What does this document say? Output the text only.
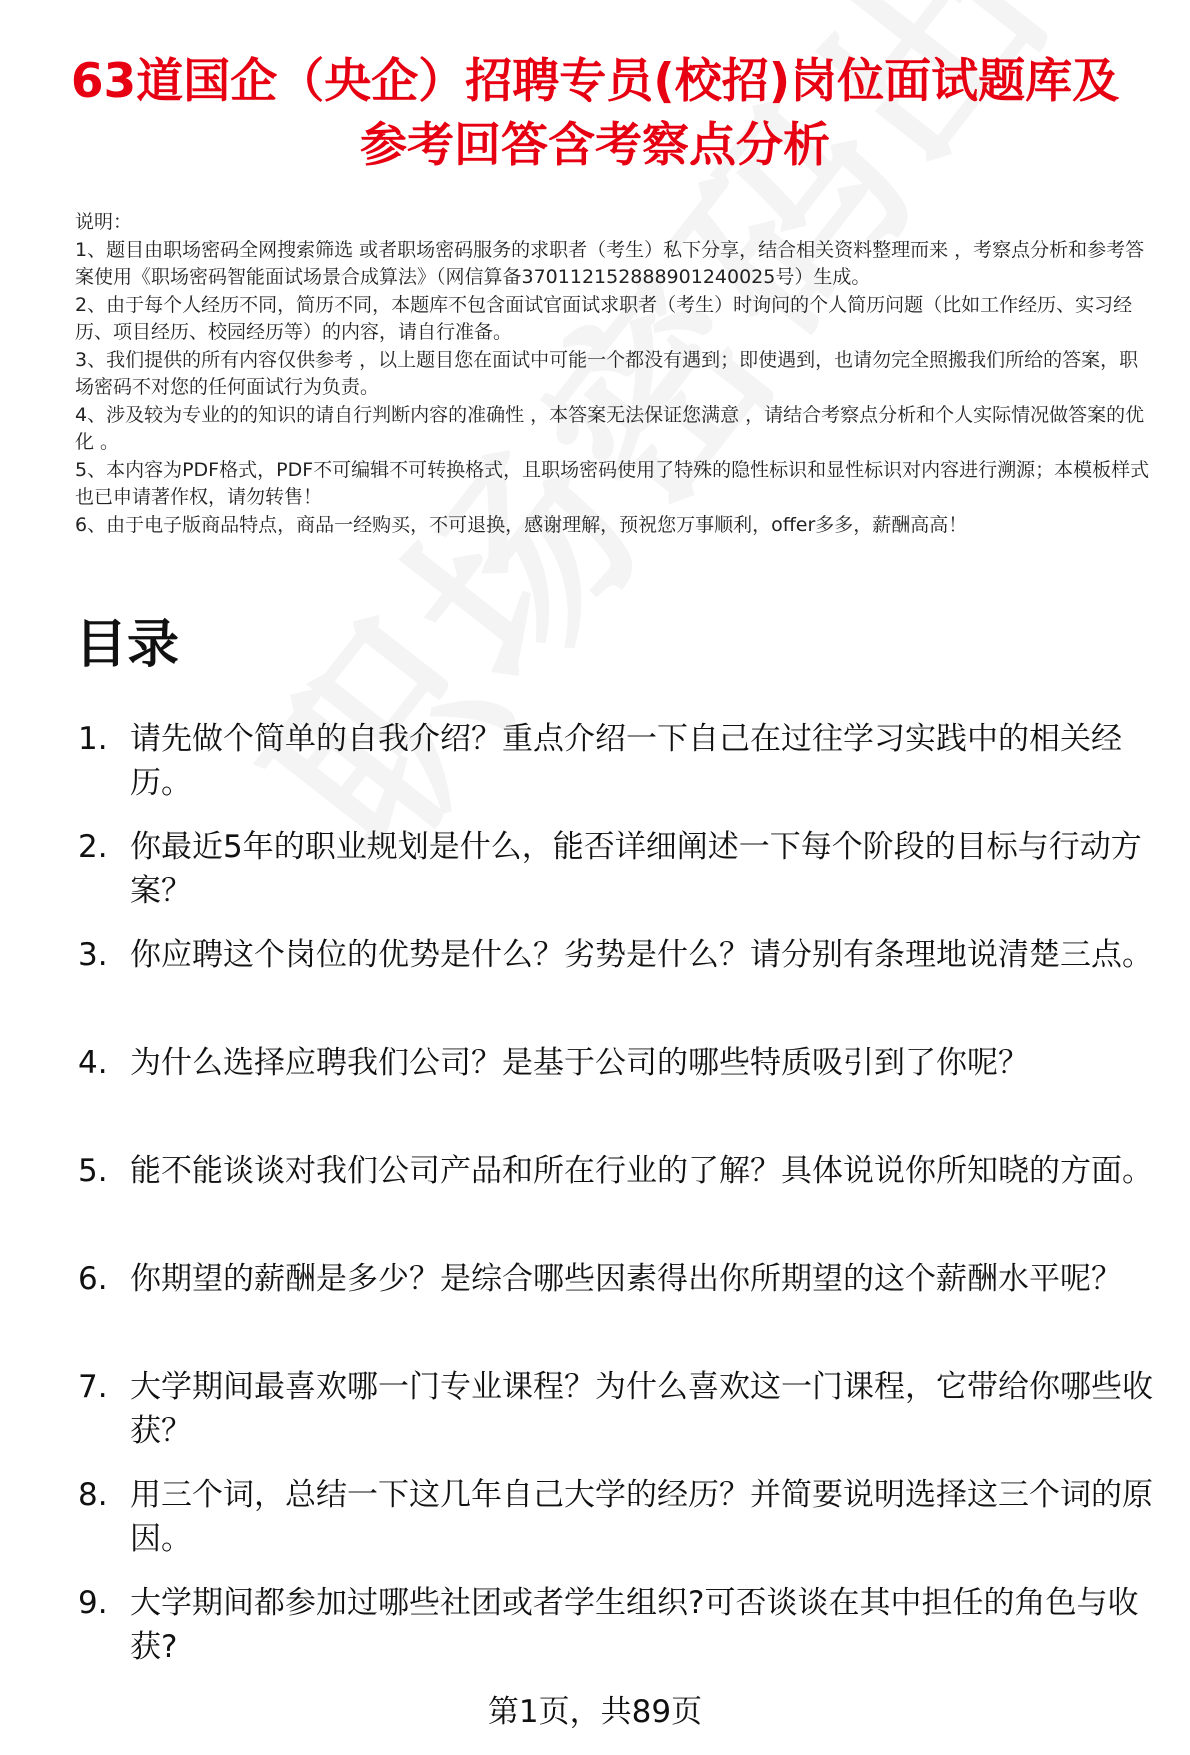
63道国企（央企）招聘专员(校招)岗位面试题库及参考回答含考察点分析
说明：
1、题目由职场密码全网搜索筛选 或者职场密码服务的求职者（考生）私下分享，结合相关资料整理而来 ，考察点分析和参考答案使用《职场密码智能面试场景合成算法》（网信算备370112152888901240025号）生成。
2、由于每个人经历不同，简历不同，本题库不包含面试官面试求职者（考生）时询问的个人简历问题（比如工作经历、实习经历、项目经历、校园经历等）的内容，请自行准备。
3、我们提供的所有内容仅供参考 ，以上题目您在面试中可能一个都没有遇到；即使遇到，也请勿完全照搬我们所给的答案，职场密码不对您的任何面试行为负责。
4、涉及较为专业的的知识的请自行判断内容的准确性 ，本答案无法保证您满意 ，请结合考察点分析和个人实际情况做答案的优化 。
5、本内容为PDF格式，PDF不可编辑不可转换格式，且职场密码使用了特殊的隐性标识和显性标识对内容进行溯源；本模板样式也已申请著作权，请勿转售！
6、由于电子版商品特点，商品一经购买，不可退换，感谢理解，预祝您万事顺利，offer多多，薪酬高高！
目录
1. 请先做个简单的自我介绍？重点介绍一下自己在过往学习实践中的相关经历。
2. 你最近5年的职业规划是什么，能否详细阐述一下每个阶段的目标与行动方案？
3. 你应聘这个岗位的优势是什么？劣势是什么？请分别有条理地说清楚三点。
4. 为什么选择应聘我们公司？是基于公司的哪些特质吸引到了你呢？
5. 能不能谈谈对我们公司产品和所在行业的了解？具体说说你所知晓的方面。
6. 你期望的薪酬是多少？是综合哪些因素得出你所期望的这个薪酬水平呢？
7. 大学期间最喜欢哪一门专业课程？为什么喜欢这一门课程，它带给你哪些收获？
8. 用三个词，总结一下这几年自己大学的经历？并简要说明选择这三个词的原因。
9. 大学期间都参加过哪些社团或者学生组织?可否谈谈在其中担任的角色与收获?
第1页，共89页
